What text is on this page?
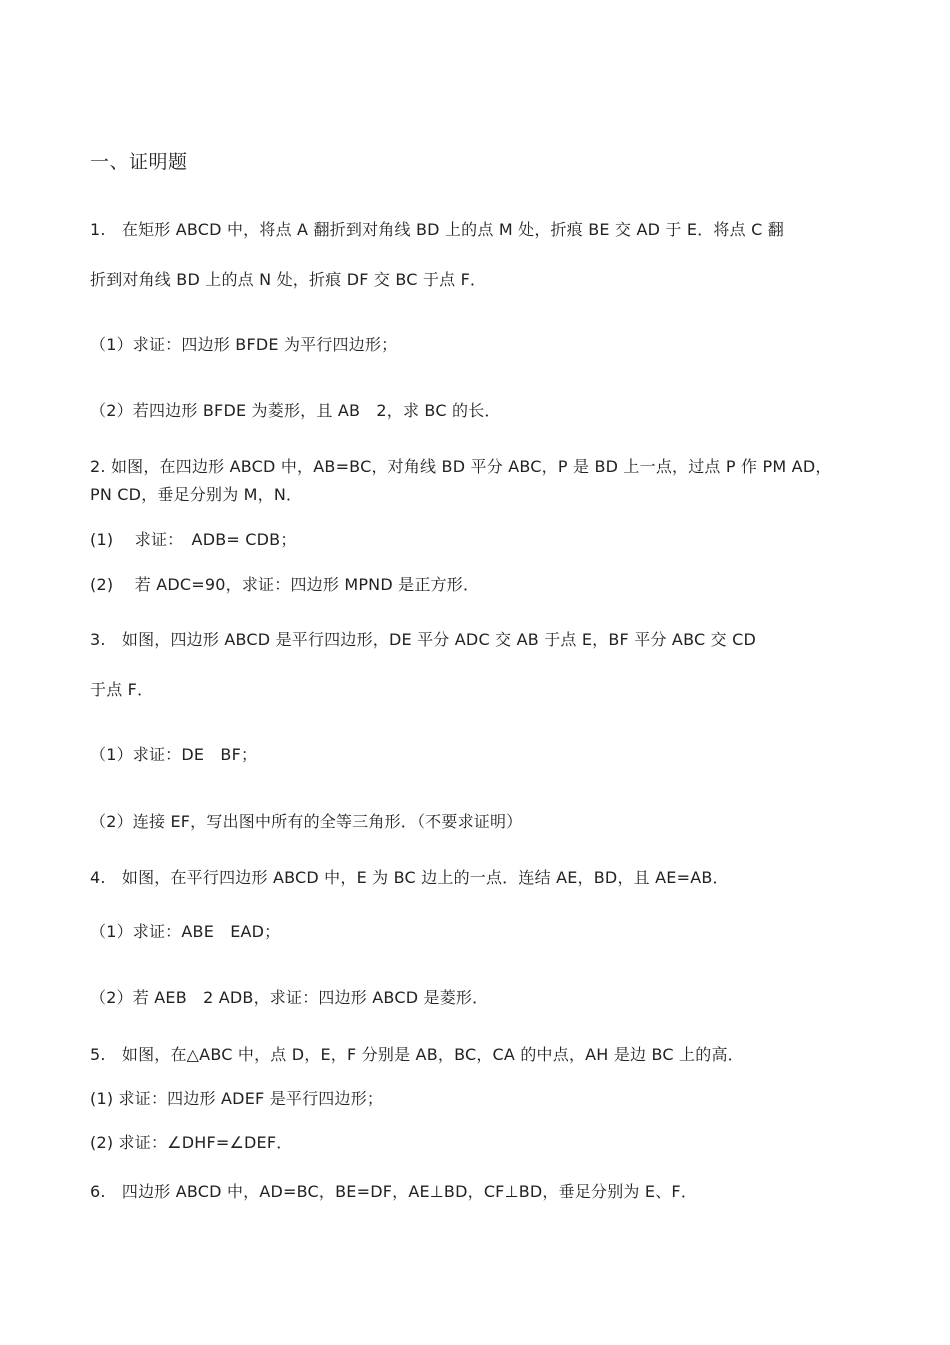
一、证明题
1.　在矩形 ABCD 中，将点 A 翻折到对角线 BD 上的点 M 处，折痕 BE 交 AD 于 E．将点 C 翻
折到对角线 BD 上的点 N 处，折痕 DF 交 BC 于点 F．
（1）求证：四边形 BFDE 为平行四边形；
（2）若四边形 BFDE 为菱形，且 AB　2，求 BC 的长．
2. 如图，在四边形 ABCD 中，AB=BC，对角线 BD 平分 ABC，P 是 BD 上一点，过点 P 作 PM AD，
PN CD，垂足分别为 M，N．
(1)　 求证：　ADB= CDB；
(2)　 若 ADC=90，求证：四边形 MPND 是正方形．
3.　如图，四边形 ABCD 是平行四边形，DE 平分 ADC 交 AB 于点 E，BF 平分 ABC 交 CD
于点 F．
（1）求证：DE　BF；
（2）连接 EF，写出图中所有的全等三角形．（不要求证明）
4.　如图，在平行四边形 ABCD 中，E 为 BC 边上的一点．连结 AE，BD，且 AE=AB．
（1）求证：ABE　EAD；
（2）若 AEB　2 ADB，求证：四边形 ABCD 是菱形．
5.　如图，在△ABC 中，点 D，E，F 分别是 AB，BC，CA 的中点，AH 是边 BC 上的高．
(1) 求证：四边形 ADEF 是平行四边形；
(2) 求证：∠DHF=∠DEF．
6.　四边形 ABCD 中，AD=BC，BE=DF，AE⊥BD，CF⊥BD，垂足分别为 E、F．
